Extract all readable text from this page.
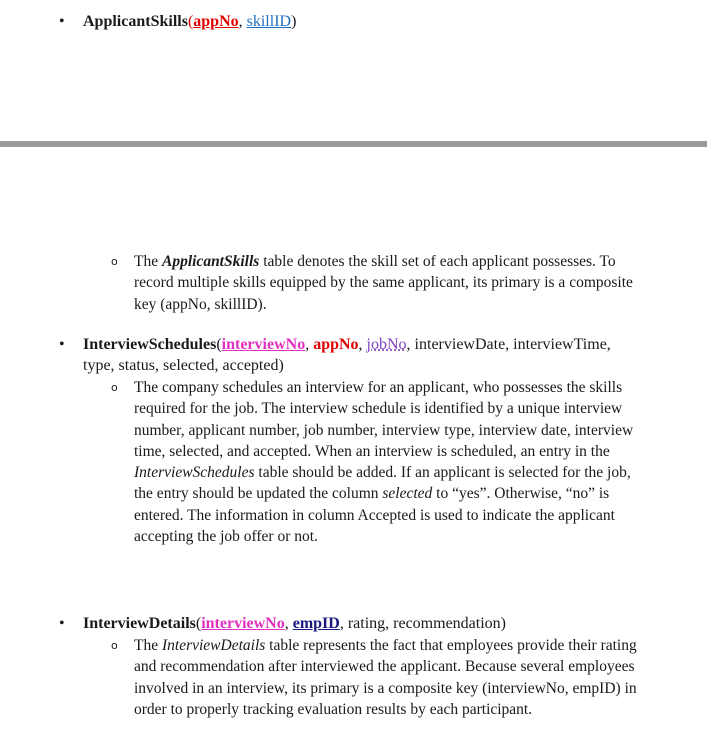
• ApplicantSkills(appNo, skillID)
o The ApplicantSkills table denotes the skill set of each applicant possesses. To record multiple skills equipped by the same applicant, its primary is a composite key (appNo, skillID).
• InterviewSchedules(interviewNo, appNo, jobNo, interviewDate, interviewTime, type, status, selected, accepted)
o The company schedules an interview for an applicant, who possesses the skills required for the job. The interview schedule is identified by a unique interview number, applicant number, job number, interview type, interview date, interview time, selected, and accepted. When an interview is scheduled, an entry in the InterviewSchedules table should be added. If an applicant is selected for the job, the entry should be updated the column selected to “yes”. Otherwise, “no” is entered. The information in column Accepted is used to indicate the applicant accepting the job offer or not.
• InterviewDetails(interviewNo, empID, rating, recommendation)
o The InterviewDetails table represents the fact that employees provide their rating and recommendation after interviewed the applicant. Because several employees involved in an interview, its primary is a composite key (interviewNo, empID) in order to properly tracking evaluation results by each participant.
